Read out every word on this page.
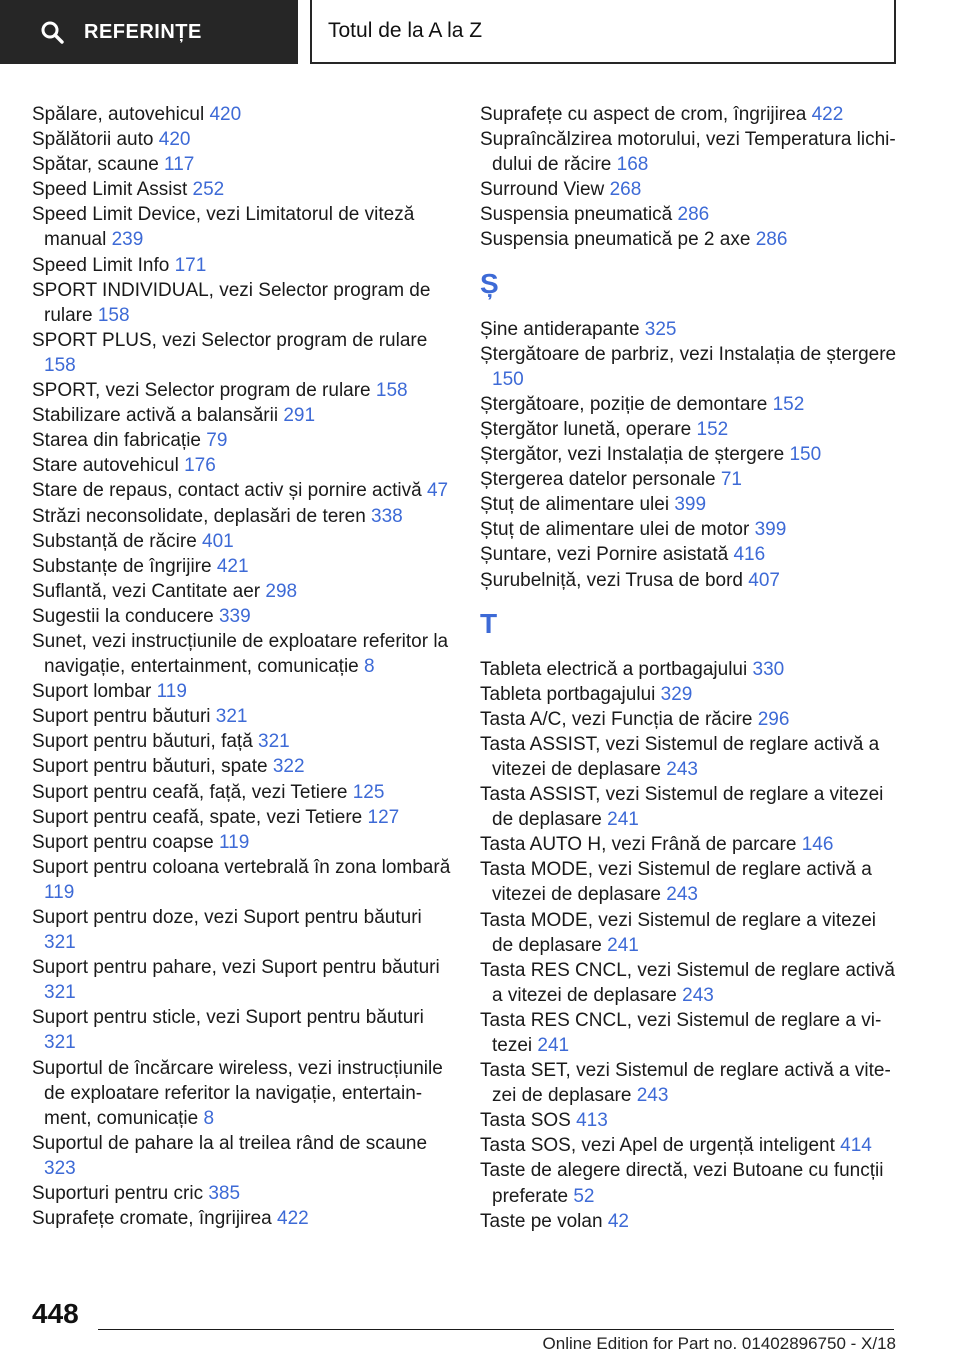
REFERINȚE	Totul de la A la Z
Spălare, autovehicul 420
Spălătorii auto 420
Spătar, scaune 117
Speed Limit Assist 252
Speed Limit Device, vezi Limitatorul de viteză manual 239
Speed Limit Info 171
SPORT INDIVIDUAL, vezi Selector program de rulare 158
SPORT PLUS, vezi Selector program de rulare 158
SPORT, vezi Selector program de rulare 158
Stabilizare activă a balansării 291
Starea din fabricație 79
Stare autovehicul 176
Stare de repaus, contact activ și pornire activă 47
Străzi neconsolidate, deplasări de teren 338
Substanță de răcire 401
Substanțe de îngrijire 421
Suflantă, vezi Cantitate aer 298
Sugestii la conducere 339
Sunet, vezi instrucțiunile de exploatare referitor la navigație, entertainment, comunicație 8
Suport lombar 119
Suport pentru băuturi 321
Suport pentru băuturi, față 321
Suport pentru băuturi, spate 322
Suport pentru ceafă, față, vezi Tetiere 125
Suport pentru ceafă, spate, vezi Tetiere 127
Suport pentru coapse 119
Suport pentru coloana vertebrală în zona lombară 119
Suport pentru doze, vezi Suport pentru băuturi 321
Suport pentru pahare, vezi Suport pentru băuturi 321
Suport pentru sticle, vezi Suport pentru băuturi 321
Suportul de încărcare wireless, vezi instrucțiunile de exploatare referitor la navigație, entertainment, comunicație 8
Suportul de pahare la al treilea rând de scaune 323
Suporturi pentru cric 385
Suprafețe cromate, îngrijirea 422
Suprafețe cu aspect de crom, îngrijirea 422
Supraîncălzirea motorului, vezi Temperatura lichidului de răcire 168
Surround View 268
Suspensia pneumatică 286
Suspensia pneumatică pe 2 axe 286
Ș
Șine antiderapante 325
Ștergătoare de parbriz, vezi Instalația de ștergere 150
Ștergătoare, poziție de demontare 152
Ștergător lunetă, operare 152
Ștergător, vezi Instalația de ștergere 150
Ștergerea datelor personale 71
Ștuț de alimentare ulei 399
Ștuț de alimentare ulei de motor 399
Șuntare, vezi Pornire asistată 416
Șurubelniță, vezi Trusa de bord 407
T
Tableta electrică a portbagajului 330
Tableta portbagajului 329
Tasta A/C, vezi Funcția de răcire 296
Tasta ASSIST, vezi Sistemul de reglare activă a vitezei de deplasare 243
Tasta ASSIST, vezi Sistemul de reglare a vitezei de deplasare 241
Tasta AUTO H, vezi Frână de parcare 146
Tasta MODE, vezi Sistemul de reglare activă a vitezei de deplasare 243
Tasta MODE, vezi Sistemul de reglare a vitezei de deplasare 241
Tasta RES CNCL, vezi Sistemul de reglare activă a vitezei de deplasare 243
Tasta RES CNCL, vezi Sistemul de reglare a vitezei 241
Tasta SET, vezi Sistemul de reglare activă a vitezei de deplasare 243
Tasta SOS 413
Tasta SOS, vezi Apel de urgență inteligent 414
Taste de alegere directă, vezi Butoane cu funcții preferate 52
Taste pe volan 42
448
Online Edition for Part no. 01402896750 - X/18
